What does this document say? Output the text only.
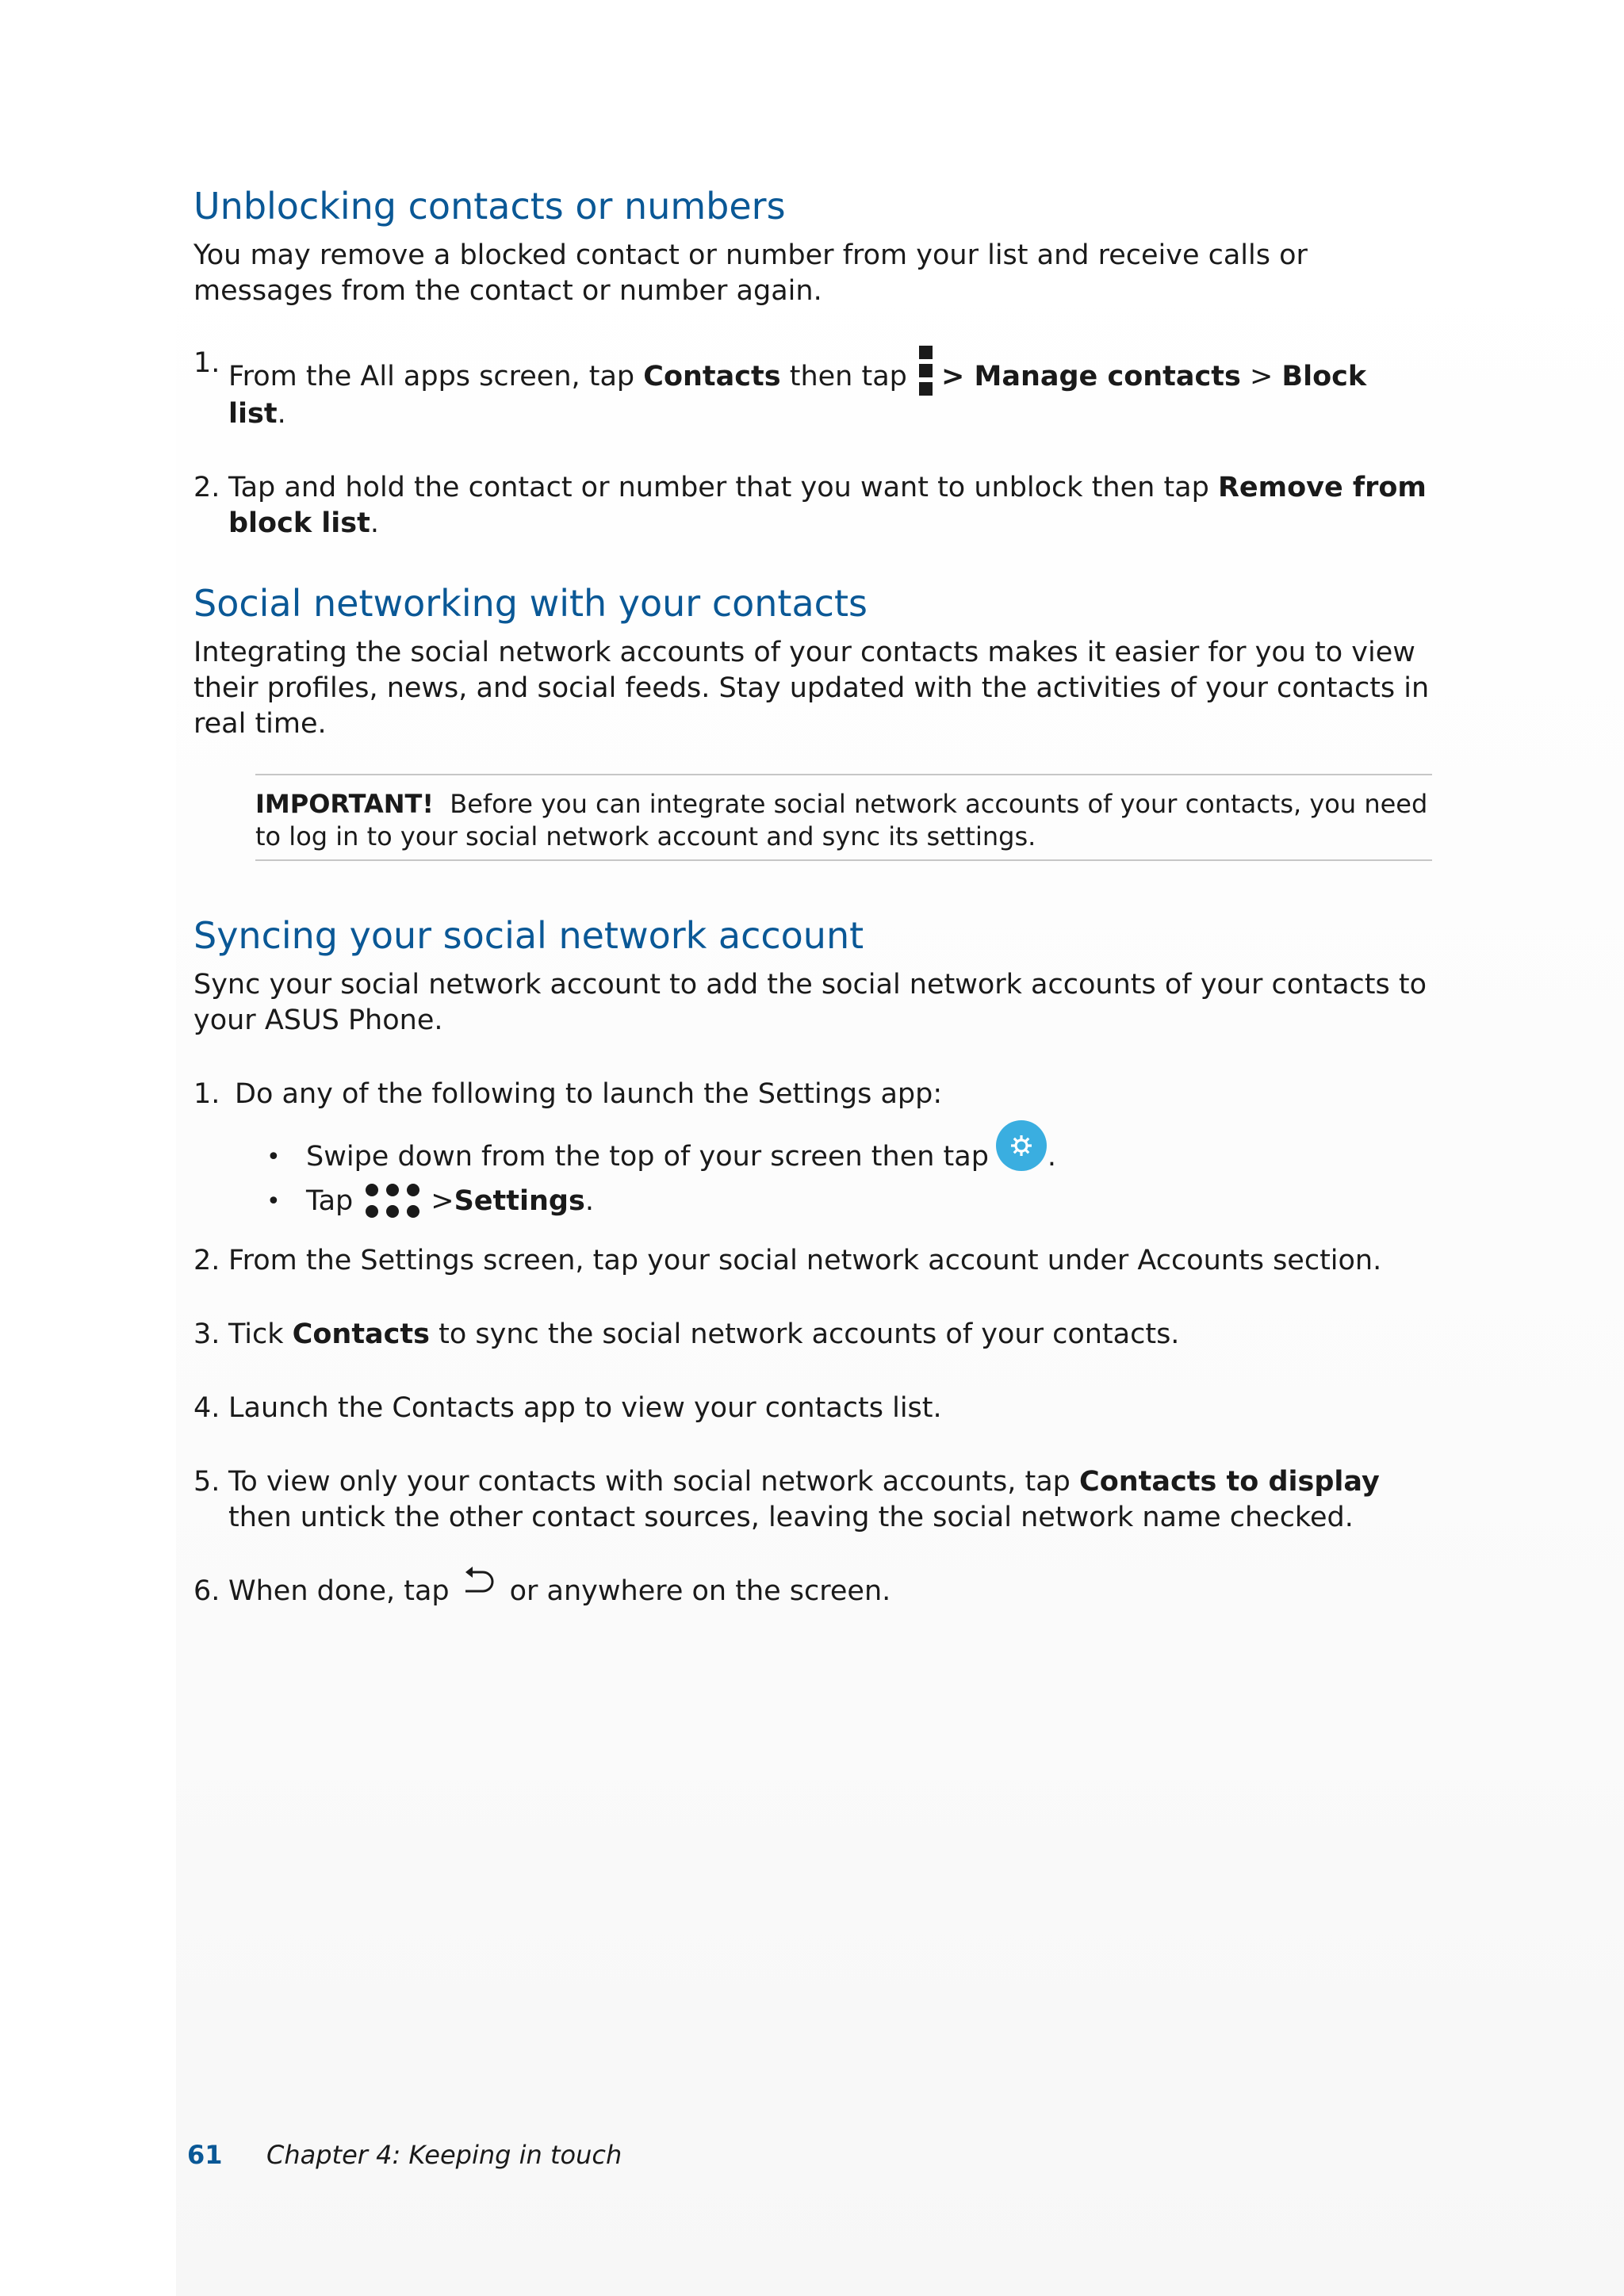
Unblocking contacts or numbers

You may remove a blocked contact or number from your list and receive calls or messages from the contact or number again.

1. From the All apps screen, tap Contacts then tap > Manage contacts > Block list.
2. Tap and hold the contact or number that you want to unblock then tap Remove from block list.
Social networking with your contacts

Integrating the social network accounts of your contacts makes it easier for you to view their profiles, news, and social feeds. Stay updated with the activities of your contacts in real time.

IMPORTANT! Before you can integrate social network accounts of your contacts, you need to log in to your social network account and sync its settings.
Syncing your social network account

Sync your social network account to add the social network accounts of your contacts to your ASUS Phone.

1. Do any of the following to launch the Settings app:
• Swipe down from the top of your screen then tap .
• Tap	> Settings .
2. From the Settings screen, tap your social network account under Accounts section.
3. Tick Contacts to sync the social network accounts of your contacts.
4. Launch the Contacts app to view your contacts list.
5. To view only your contacts with social network accounts, tap Contacts to display then untick the other contact sources, leaving the social network name checked.
6. When done, tap or anywhere on the screen.
61	Chapter 4: Keeping in touch
